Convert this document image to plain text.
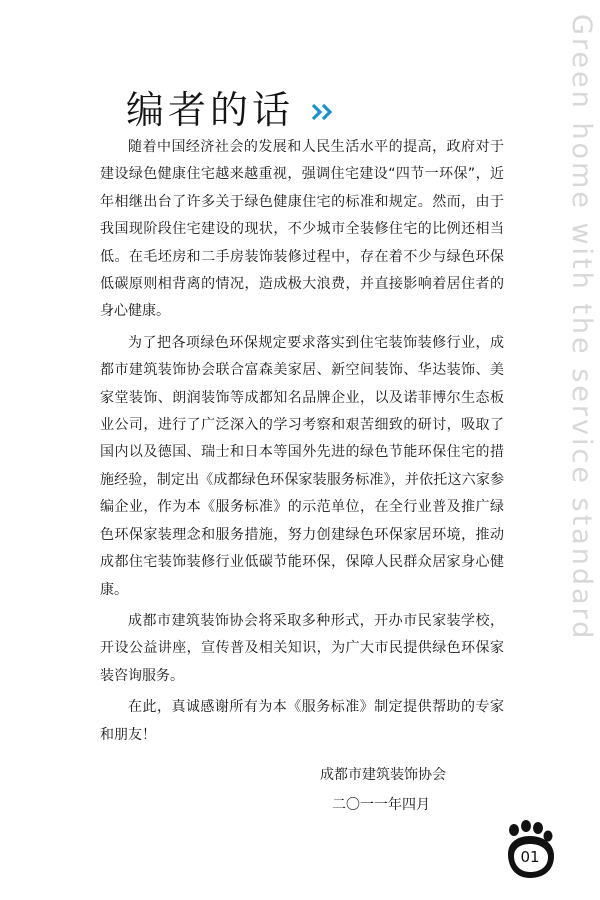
编者的话

随着中国经济社会的发展和人民生活水平的提高，政府对于建设绿色健康住宅越来越重视，强调住宅建设“四节一环保”，近年相继出台了许多关于绿色健康住宅的标准和规定。然而，由于我国现阶段住宅建设的现状，不少城市全装修住宅的比例还相当低。在毛坯房和二手房装饰装修过程中，存在着不少与绿色环保低碳原则相背离的情况，造成极大浪费，并直接影响着居住者的身心健康。

为了把各项绿色环保规定要求落实到住宅装饰装修行业，成都市建筑装饰协会联合富森美家居、新空间装饰、华达装饰、美家堂装饰、朗润装饰等成都知名品牌企业，以及诺菲博尔生态板业公司，进行了广泛深入的学习考察和艰苦细致的研讨，吸取了国内以及德国、瑞士和日本等国外先进的绿色节能环保住宅的措施经验，制定出《成都绿色环保家装服务标准》，并依托这六家参编企业，作为本《服务标准》的示范单位，在全行业普及推广绿色环保家装理念和服务措施，努力创建绿色环保家居环境，推动成都住宅装饰装修行业低碳节能环保，保障人民群众居家身心健康。

成都市建筑装饰协会将采取多种形式，开办市民家装学校，开设公益讲座，宣传普及相关知识，为广大市民提供绿色环保家装咨询服务。

在此，真诚感谢所有为本《服务标准》制定提供帮助的专家和朋友！

成都市建筑装饰协会
二〇一一年四月
Green home with the service standard
01
